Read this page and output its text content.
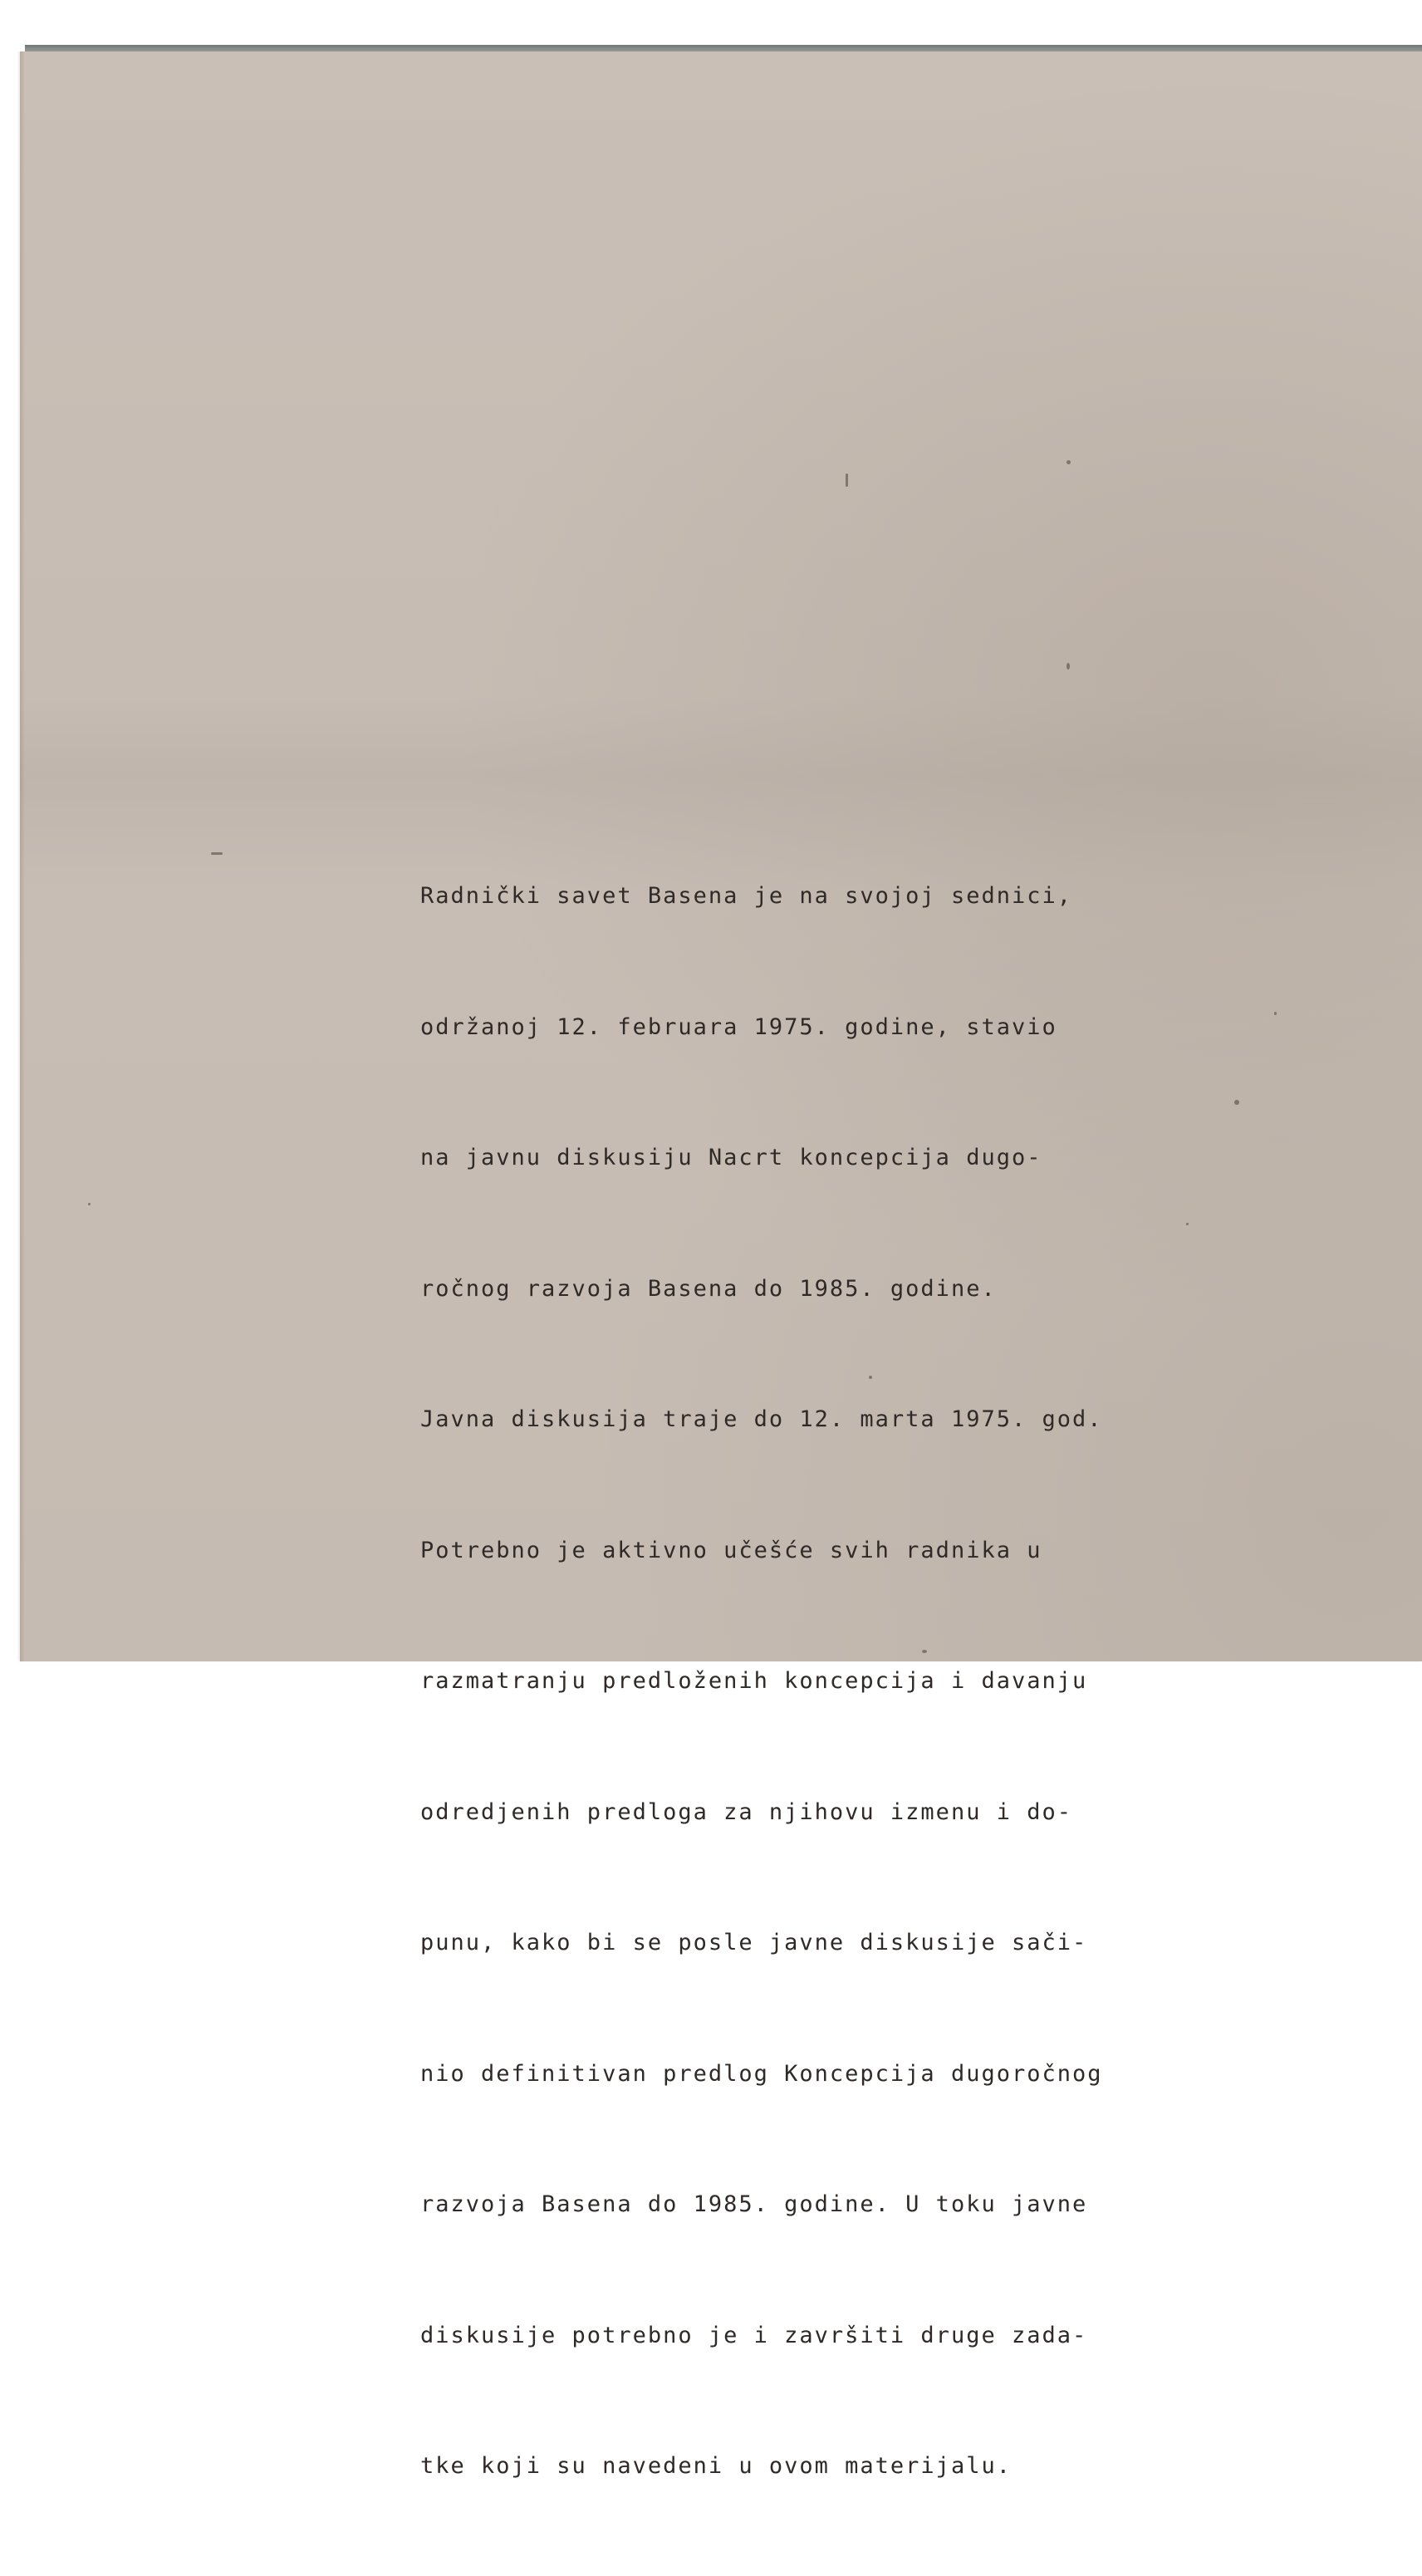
Radnički savet Basena je na svojoj sednici,

održanoj 12. februara 1975. godine, stavio

na javnu diskusiju Nacrt koncepcija dugo-

ročnog razvoja Basena do 1985. godine.

Javna diskusija traje do 12. marta 1975. god.

Potrebno je aktivno učešće svih radnika u

razmatranju predloženih koncepcija i davanju

odredjenih predloga za njihovu izmenu i do-

punu, kako bi se posle javne diskusije sači-

nio definitivan predlog Koncepcija dugoročnog

razvoja Basena do 1985. godine. U toku javne

diskusije potrebno je i završiti druge zada-

tke koji su navedeni u ovom materijalu.
